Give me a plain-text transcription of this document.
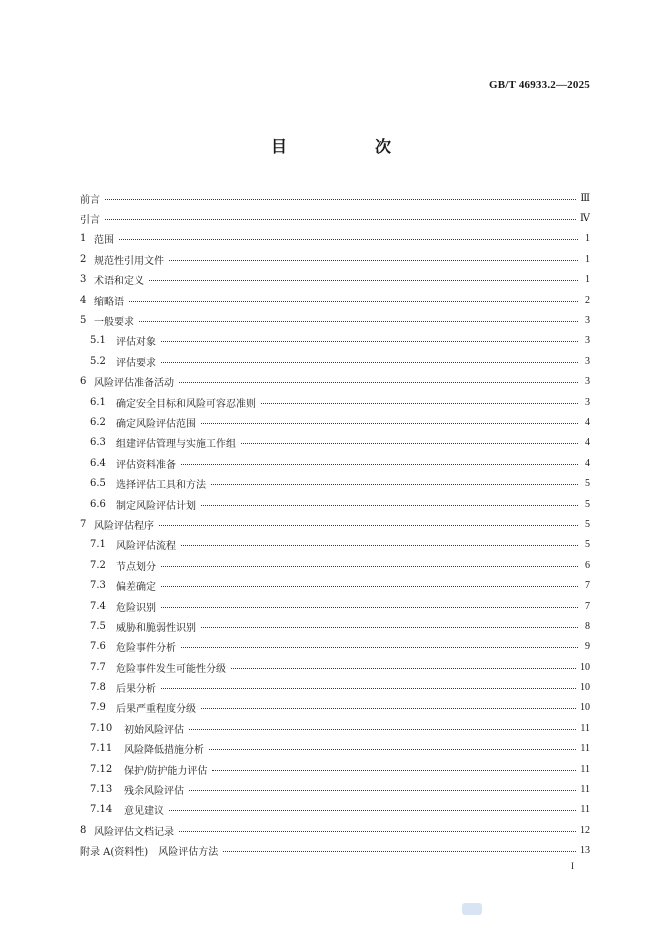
GB/T 46933.2—2025
目　次
前言	Ⅲ
引言	Ⅳ
1 范围	1
2 规范性引用文件	1
3 术语和定义	1
4 缩略语	2
5 一般要求	3
5.1	评估对象	3
5.2	评估要求	3
6 风险评估准备活动	3
6.1	确定安全目标和风险可容忍准则	3
6.2	确定风险评估范围	4
6.3	组建评估管理与实施工作组	4
6.4	评估资料准备	4
6.5	选择评估工具和方法	5
6.6	制定风险评估计划	5
7 风险评估程序	5
7.1	风险评估流程	5
7.2	节点划分	6
7.3	偏差确定	7
7.4	危险识别	7
7.5	威胁和脆弱性识别	8
7.6	危险事件分析	9
7.7	危险事件发生可能性分级	10
7.8	后果分析	10
7.9	后果严重程度分级	10
7.10	初始风险评估	11
7.11	风险降低措施分析	11
7.12	保护/防护能力评估	11
7.13	残余风险评估	11
7.14	意见建议	11
8 风险评估文档记录	12
附录 A(资料性)　风险评估方法	13
I
